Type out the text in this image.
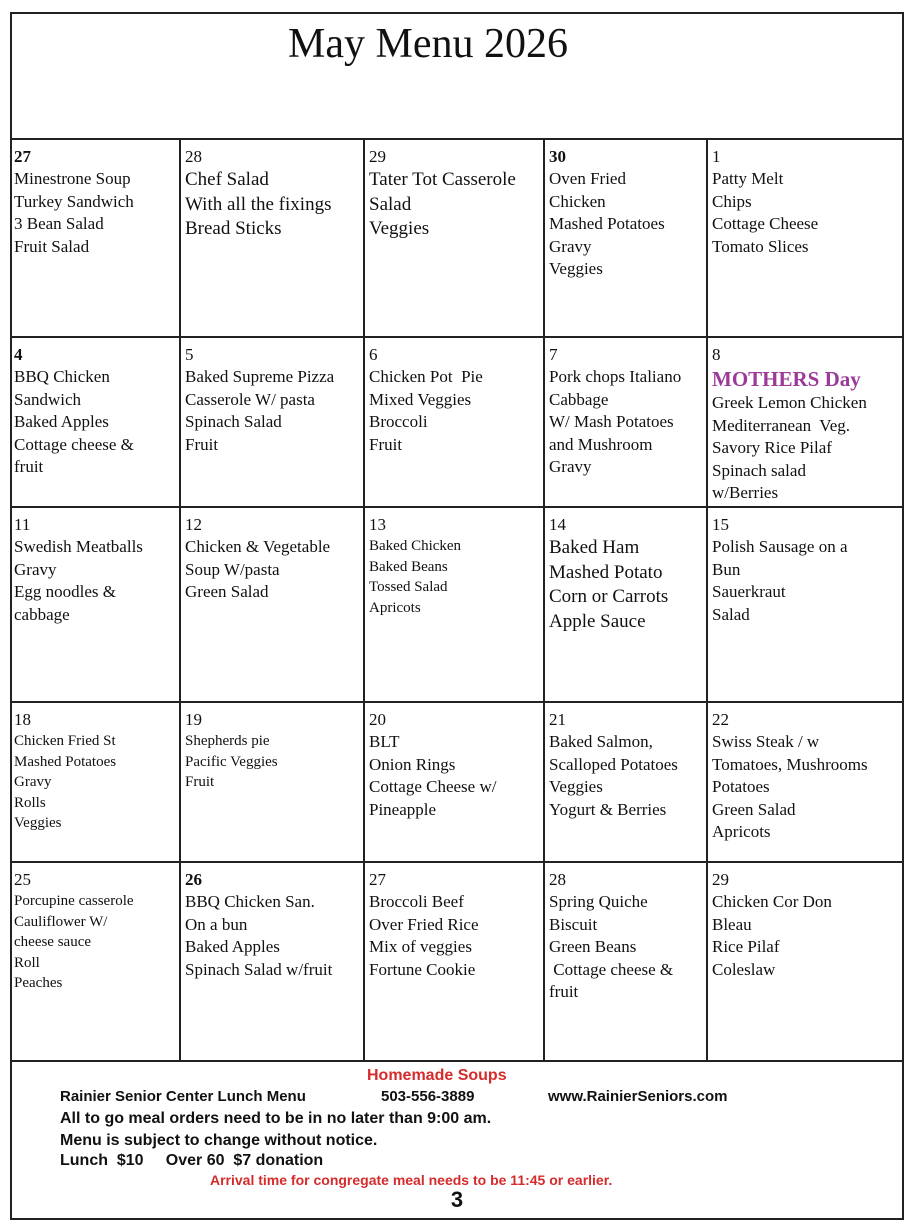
May Menu 2026
27
Minestrone Soup
Turkey Sandwich
3 Bean Salad
Fruit Salad
28
Chef Salad
With all the fixings
Bread Sticks
29
Tater Tot Casserole
Salad
Veggies
30
Oven Fried
Chicken
Mashed Potatoes
Gravy
Veggies
1
Patty Melt
Chips
Cottage Cheese
Tomato Slices
4
BBQ Chicken
Sandwich
Baked Apples
Cottage cheese &
fruit
5
Baked Supreme Pizza
Casserole W/ pasta
Spinach Salad
Fruit
6
Chicken Pot  Pie
Mixed Veggies
Broccoli
Fruit
7
Pork chops Italiano
Cabbage
W/ Mash Potatoes
and Mushroom
Gravy
8
MOTHERS Day
Greek Lemon Chicken
Mediterranean  Veg.
Savory Rice Pilaf
Spinach salad
w/Berries
11
Swedish Meatballs
Gravy
Egg noodles &
cabbage
12
Chicken & Vegetable
Soup W/pasta
Green Salad
13
Baked Chicken
Baked Beans
Tossed Salad
Apricots
14
Baked Ham
Mashed Potato
Corn or Carrots
Apple Sauce
15
Polish Sausage on a
Bun
Sauerkraut
Salad
18
Chicken Fried St
Mashed Potatoes
Gravy
Rolls
Veggies
19
Shepherds pie
Pacific Veggies
Fruit
20
BLT
Onion Rings
Cottage Cheese w/
Pineapple
21
Baked Salmon,
Scalloped Potatoes
Veggies
Yogurt & Berries
22
Swiss Steak / w
Tomatoes, Mushrooms
Potatoes
Green Salad
Apricots
25
Porcupine casserole
Cauliflower W/
cheese sauce
Roll
Peaches
26
BBQ Chicken San.
On a bun
Baked Apples
Spinach Salad w/fruit
27
Broccoli Beef
Over Fried Rice
Mix of veggies
Fortune Cookie
28
Spring Quiche
Biscuit
Green Beans
Cottage cheese &
fruit
29
Chicken Cor Don
Bleau
Rice Pilaf
Coleslaw
Homemade Soups
Rainier Senior Center Lunch Menu	503-556-3889	www.RainierSeniors.com
All to go meal orders need to be in no later than 9:00 am.
Menu is subject to change without notice.
Lunch  $10     Over 60  $7 donation
Arrival time for congregate meal needs to be 11:45 or earlier.
3
